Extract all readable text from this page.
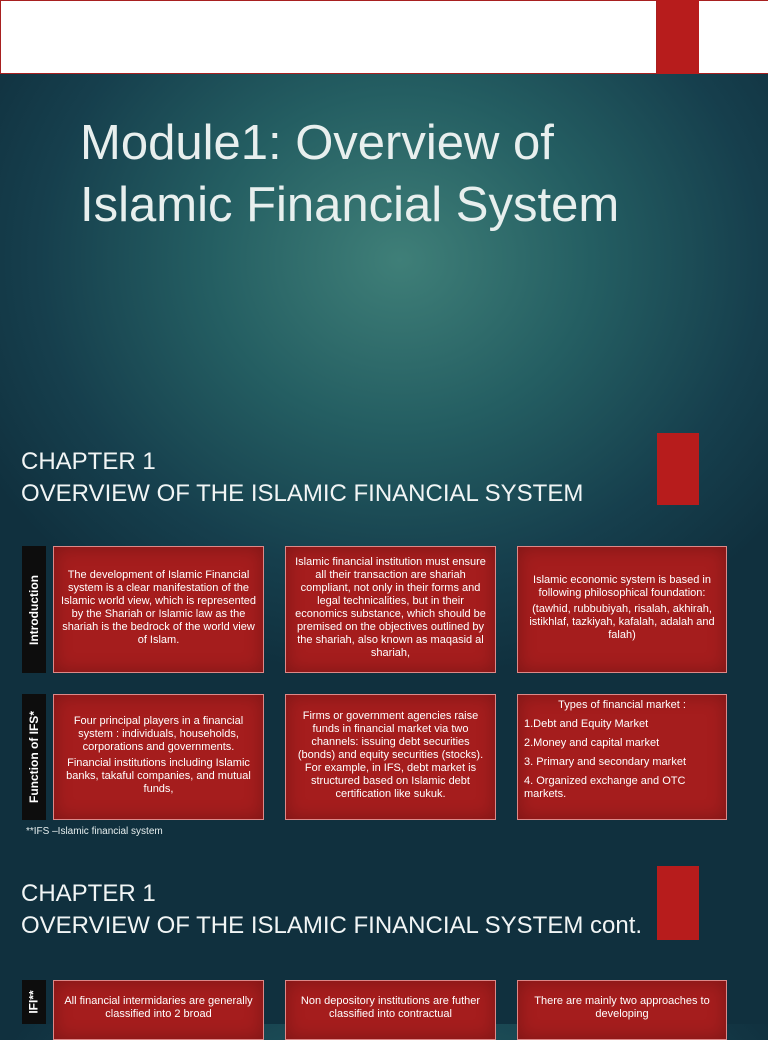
Module1: Overview of Islamic Financial System
CHAPTER 1
OVERVIEW OF THE ISLAMIC FINANCIAL SYSTEM
Introduction	The development of Islamic Financial system is a clear manifestation of the Islamic world view, which is represented by the Shariah or Islamic law as the shariah is the bedrock of the world view of Islam.

Islamic financial institution must ensure all their transaction are shariah compliant, not only in their forms and legal technicalities, but in their economics substance, which should be premised on the objectives outlined by the shariah, also known as maqasid al shariah,

Islamic economic system is based in following philosophical foundation:

(tawhid, rubbubiyah, risalah, akhirah, istikhlaf, tazkiyah, kafalah, adalah and falah)

Function of IFS*	Four principal players in a financial system : individuals, households, corporations and governments.

Financial institutions including Islamic banks, takaful companies, and mutual funds,

Firms or government agencies raise funds in financial market via two channels: issuing debt securities (bonds) and equity securities (stocks). For example, in IFS, debt market is structured based on Islamic debt certification like sukuk.

Types of financial market :

1.Debt and Equity Market

2.Money and capital market

3. Primary and secondary market

4. Organized exchange and OTC markets.

**IFS –Islamic financial system
CHAPTER 1
OVERVIEW OF THE ISLAMIC FINANCIAL SYSTEM cont.
IFI**	All financial intermidaries are generally classified into 2 broad

Non depository institutions are futher classified into contractual

There are mainly two approaches to developing
